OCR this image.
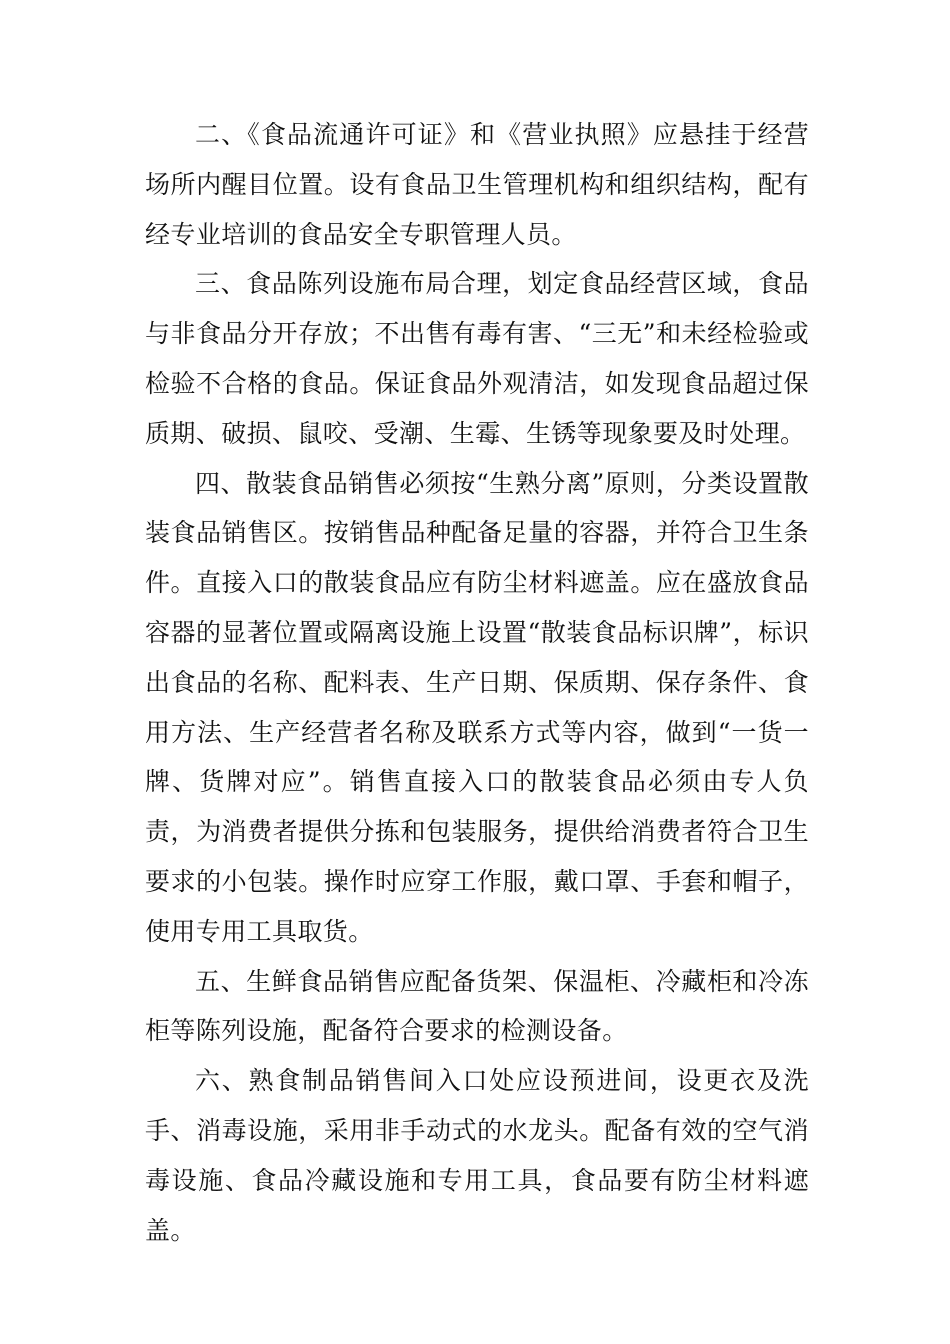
二、《食品流通许可证》和《营业执照》应悬挂于经营场所内醒目位置。设有食品卫生管理机构和组织结构，配有经专业培训的食品安全专职管理人员。

三、食品陈列设施布局合理，划定食品经营区域，食品与非食品分开存放；不出售有毒有害、“三无”和未经检验或检验不合格的食品。保证食品外观清洁，如发现食品超过保质期、破损、鼠咬、受潮、生霉、生锈等现象要及时处理。

四、散装食品销售必须按“生熟分离”原则，分类设置散装食品销售区。按销售品种配备足量的容器，并符合卫生条件。直接入口的散装食品应有防尘材料遮盖。应在盛放食品容器的显著位置或隔离设施上设置“散装食品标识牌”，标识出食品的名称、配料表、生产日期、保质期、保存条件、食用方法、生产经营者名称及联系方式等内容，做到“一货一牌、货牌对应”。销售直接入口的散装食品必须由专人负责，为消费者提供分拣和包装服务，提供给消费者符合卫生要求的小包装。操作时应穿工作服，戴口罩、手套和帽子，使用专用工具取货。

五、生鲜食品销售应配备货架、保温柜、冷藏柜和冷冻柜等陈列设施，配备符合要求的检测设备。

六、熟食制品销售间入口处应设预进间，设更衣及洗手、消毒设施，采用非手动式的水龙头。配备有效的空气消毒设施、食品冷藏设施和专用工具，食品要有防尘材料遮盖。
